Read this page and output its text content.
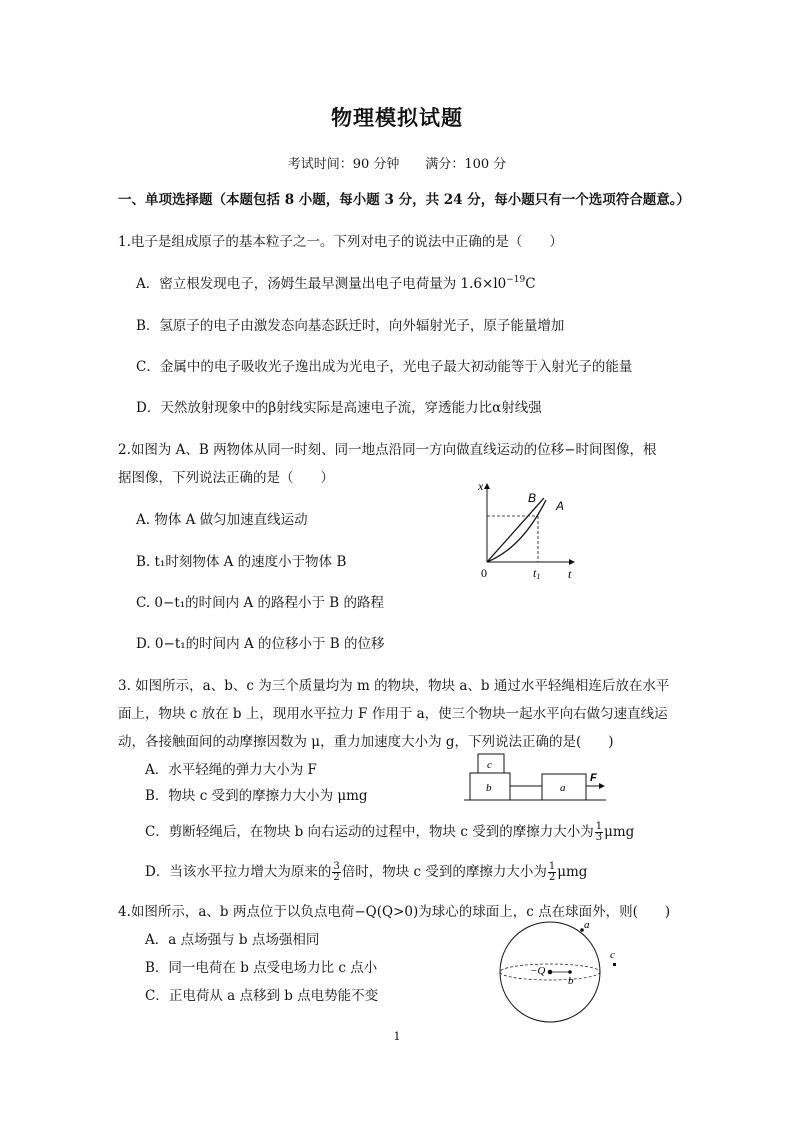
物理模拟试题
考试时间：90 分钟　　满分：100 分
一、单项选择题（本题包括 8 小题，每小题 3 分，共 24 分，每小题只有一个选项符合题意。）
1.电子是组成原子的基本粒子之一。下列对电子的说法中正确的是（　　）
A．密立根发现电子，汤姆生最早测量出电子电荷量为 $1.6\times l0^{-19}C$
B．氢原子的电子由激发态向基态跃迁时，向外辐射光子，原子能量增加
C．金属中的电子吸收光子逸出成为光电子，光电子最大初动能等于入射光子的能量
D．天然放射现象中的β射线实际是高速电子流，穿透能力比α射线强
2.如图为 A、B 两物体从同一时刻、同一地点沿同一方向做直线运动的位移−时间图像，根
据图像，下列说法正确的是（　　）
A. 物体 A 做匀加速直线运动
B. t₁时刻物体 A 的速度小于物体 B
C. 0−t₁的时间内 A 的路程小于 B 的路程
D. 0−t₁的时间内 A 的位移小于 B 的位移
x
t
0	t1
B
A
3. 如图所示，a、b、c 为三个质量均为 m 的物块，物块 a、b 通过水平轻绳相连后放在水平
面上，物块 c 放在 b 上，现用水平拉力 F 作用于 a，使三个物块一起水平向右做匀速直线运
动，各接触面间的动摩擦因数为 μ，重力加速度大小为 g，下列说法正确的是(　　)
A．水平轻绳的弹力大小为 F
B．物块 c 受到的摩擦力大小为 μmg
C．剪断轻绳后，在物块 b 向右运动的过程中，物块 c 受到的摩擦力大小为 $\frac{1}{3}$ μmg
D．当该水平拉力增大为原来的 $\frac{3}{2}$ 倍时，物块 c 受到的摩擦力大小为 $\frac{1}{2}$ μmg
c
b	a
F
4.如图所示，a、b 两点位于以负点电荷−Q(Q>0)为球心的球面上，c 点在球面外，则(　　)
A．a 点场强与 b 点场强相同
B．同一电荷在 b 点受电场力比 c 点小
C．正电荷从 a 点移到 b 点电势能不变
−Q
b
a
c
1
